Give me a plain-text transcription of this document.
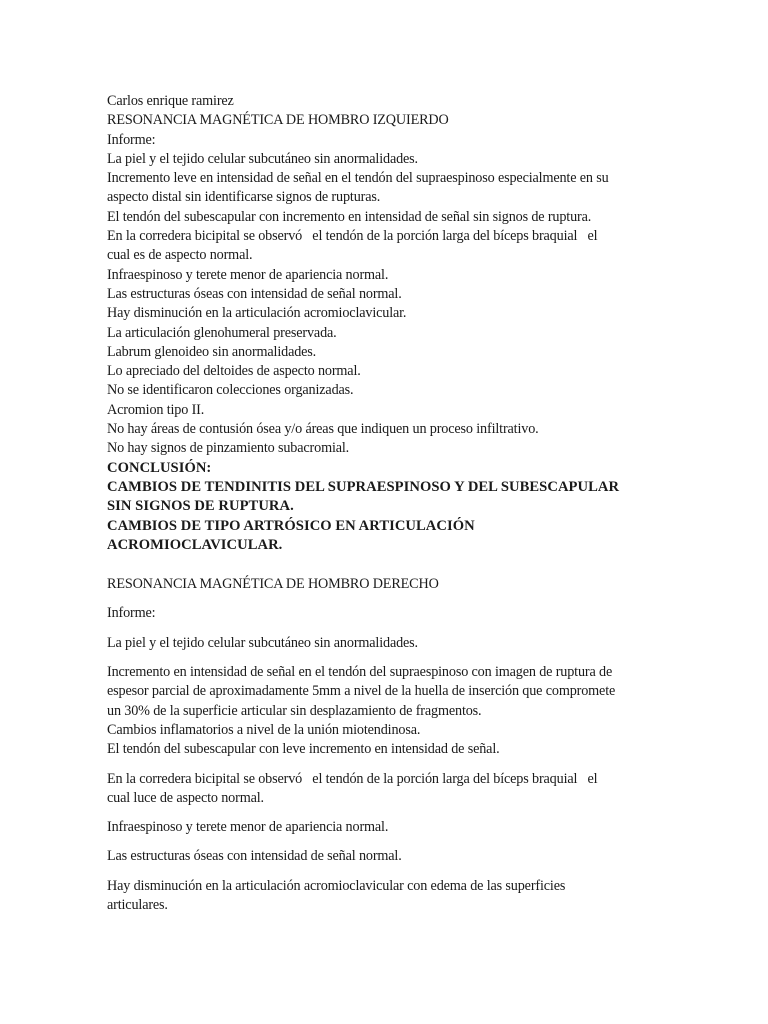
Carlos enrique ramirez

RESONANCIA MAGNÉTICA DE HOMBRO IZQUIERDO

Informe:

La piel y el tejido celular subcutáneo sin anormalidades.

Incremento leve en intensidad de señal en el tendón del supraespinoso especialmente en su

aspecto distal sin identificarse signos de rupturas.

El tendón del subescapular con incremento en intensidad de señal sin signos de ruptura.

En la corredera bicipital se observó   el tendón de la porción larga del bíceps braquial   el

cual es de aspecto normal.

Infraespinoso y terete menor de apariencia normal.

Las estructuras óseas con intensidad de señal normal.

Hay disminución en la articulación acromioclavicular.

La articulación glenohumeral preservada.

Labrum glenoideo sin anormalidades.

Lo apreciado del deltoides de aspecto normal.

No se identificaron colecciones organizadas.

Acromion tipo II.

No hay áreas de contusión ósea y/o áreas que indiquen un proceso infiltrativo.

No hay signos de pinzamiento subacromial.

CONCLUSIÓN:

CAMBIOS DE TENDINITIS DEL SUPRAESPINOSO Y DEL SUBESCAPULAR

SIN SIGNOS DE RUPTURA.

CAMBIOS DE TIPO ARTRÓSICO EN ARTICULACIÓN

ACROMIOCLAVICULAR.

RESONANCIA MAGNÉTICA DE HOMBRO DERECHO

Informe:

La piel y el tejido celular subcutáneo sin anormalidades.

Incremento en intensidad de señal en el tendón del supraespinoso con imagen de ruptura de

espesor parcial de aproximadamente 5mm a nivel de la huella de inserción que compromete

un 30% de la superficie articular sin desplazamiento de fragmentos.

Cambios inflamatorios a nivel de la unión miotendinosa.

El tendón del subescapular con leve incremento en intensidad de señal.

En la corredera bicipital se observó   el tendón de la porción larga del bíceps braquial   el

cual luce de aspecto normal.

Infraespinoso y terete menor de apariencia normal.

Las estructuras óseas con intensidad de señal normal.

Hay disminución en la articulación acromioclavicular con edema de las superficies

articulares.
